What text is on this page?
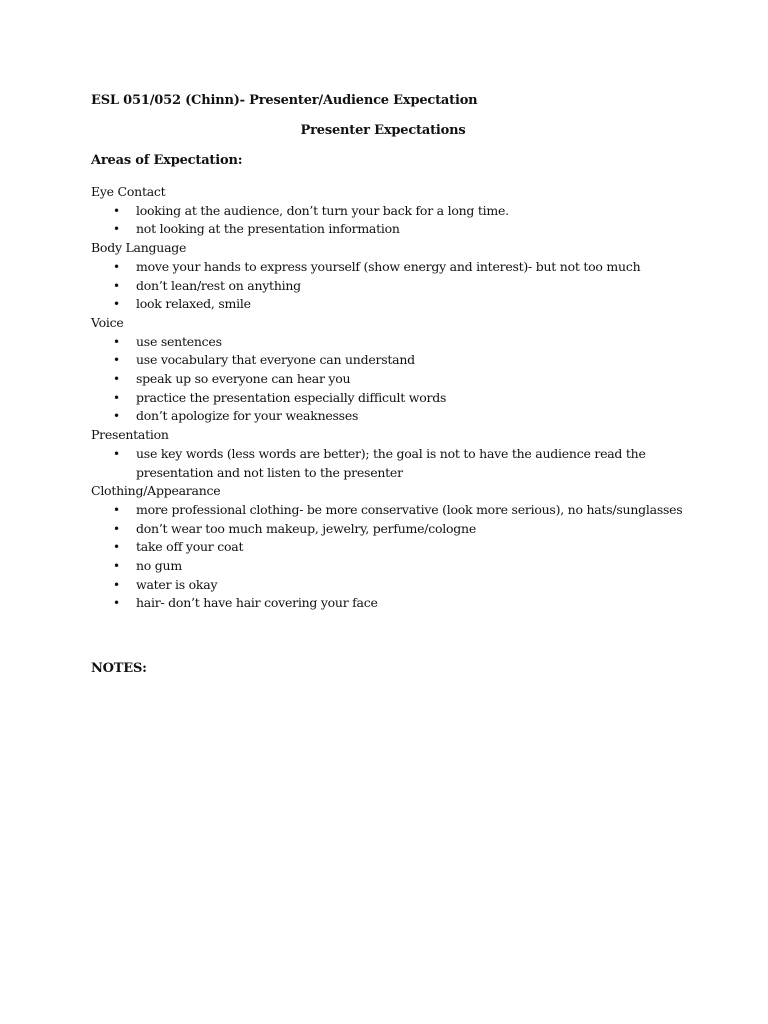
ESL 051/052 (Chinn)- Presenter/Audience Expectation
Presenter Expectations
Areas of Expectation:
Eye Contact
• looking at the audience, don’t turn your back for a long time.
• not looking at the presentation information
Body Language
• move your hands to express yourself (show energy and interest)- but not too much
• don’t lean/rest on anything
• look relaxed, smile
Voice
• use sentences
• use vocabulary that everyone can understand
• speak up so everyone can hear you
• practice the presentation especially difficult words
• don’t apologize for your weaknesses
Presentation
• use key words (less words are better); the goal is not to have the audience read the presentation and not listen to the presenter
Clothing/Appearance
• more professional clothing- be more conservative (look more serious), no hats/sunglasses
• don’t wear too much makeup, jewelry, perfume/cologne
• take off your coat
• no gum
• water is okay
• hair- don’t have hair covering your face
NOTES:
